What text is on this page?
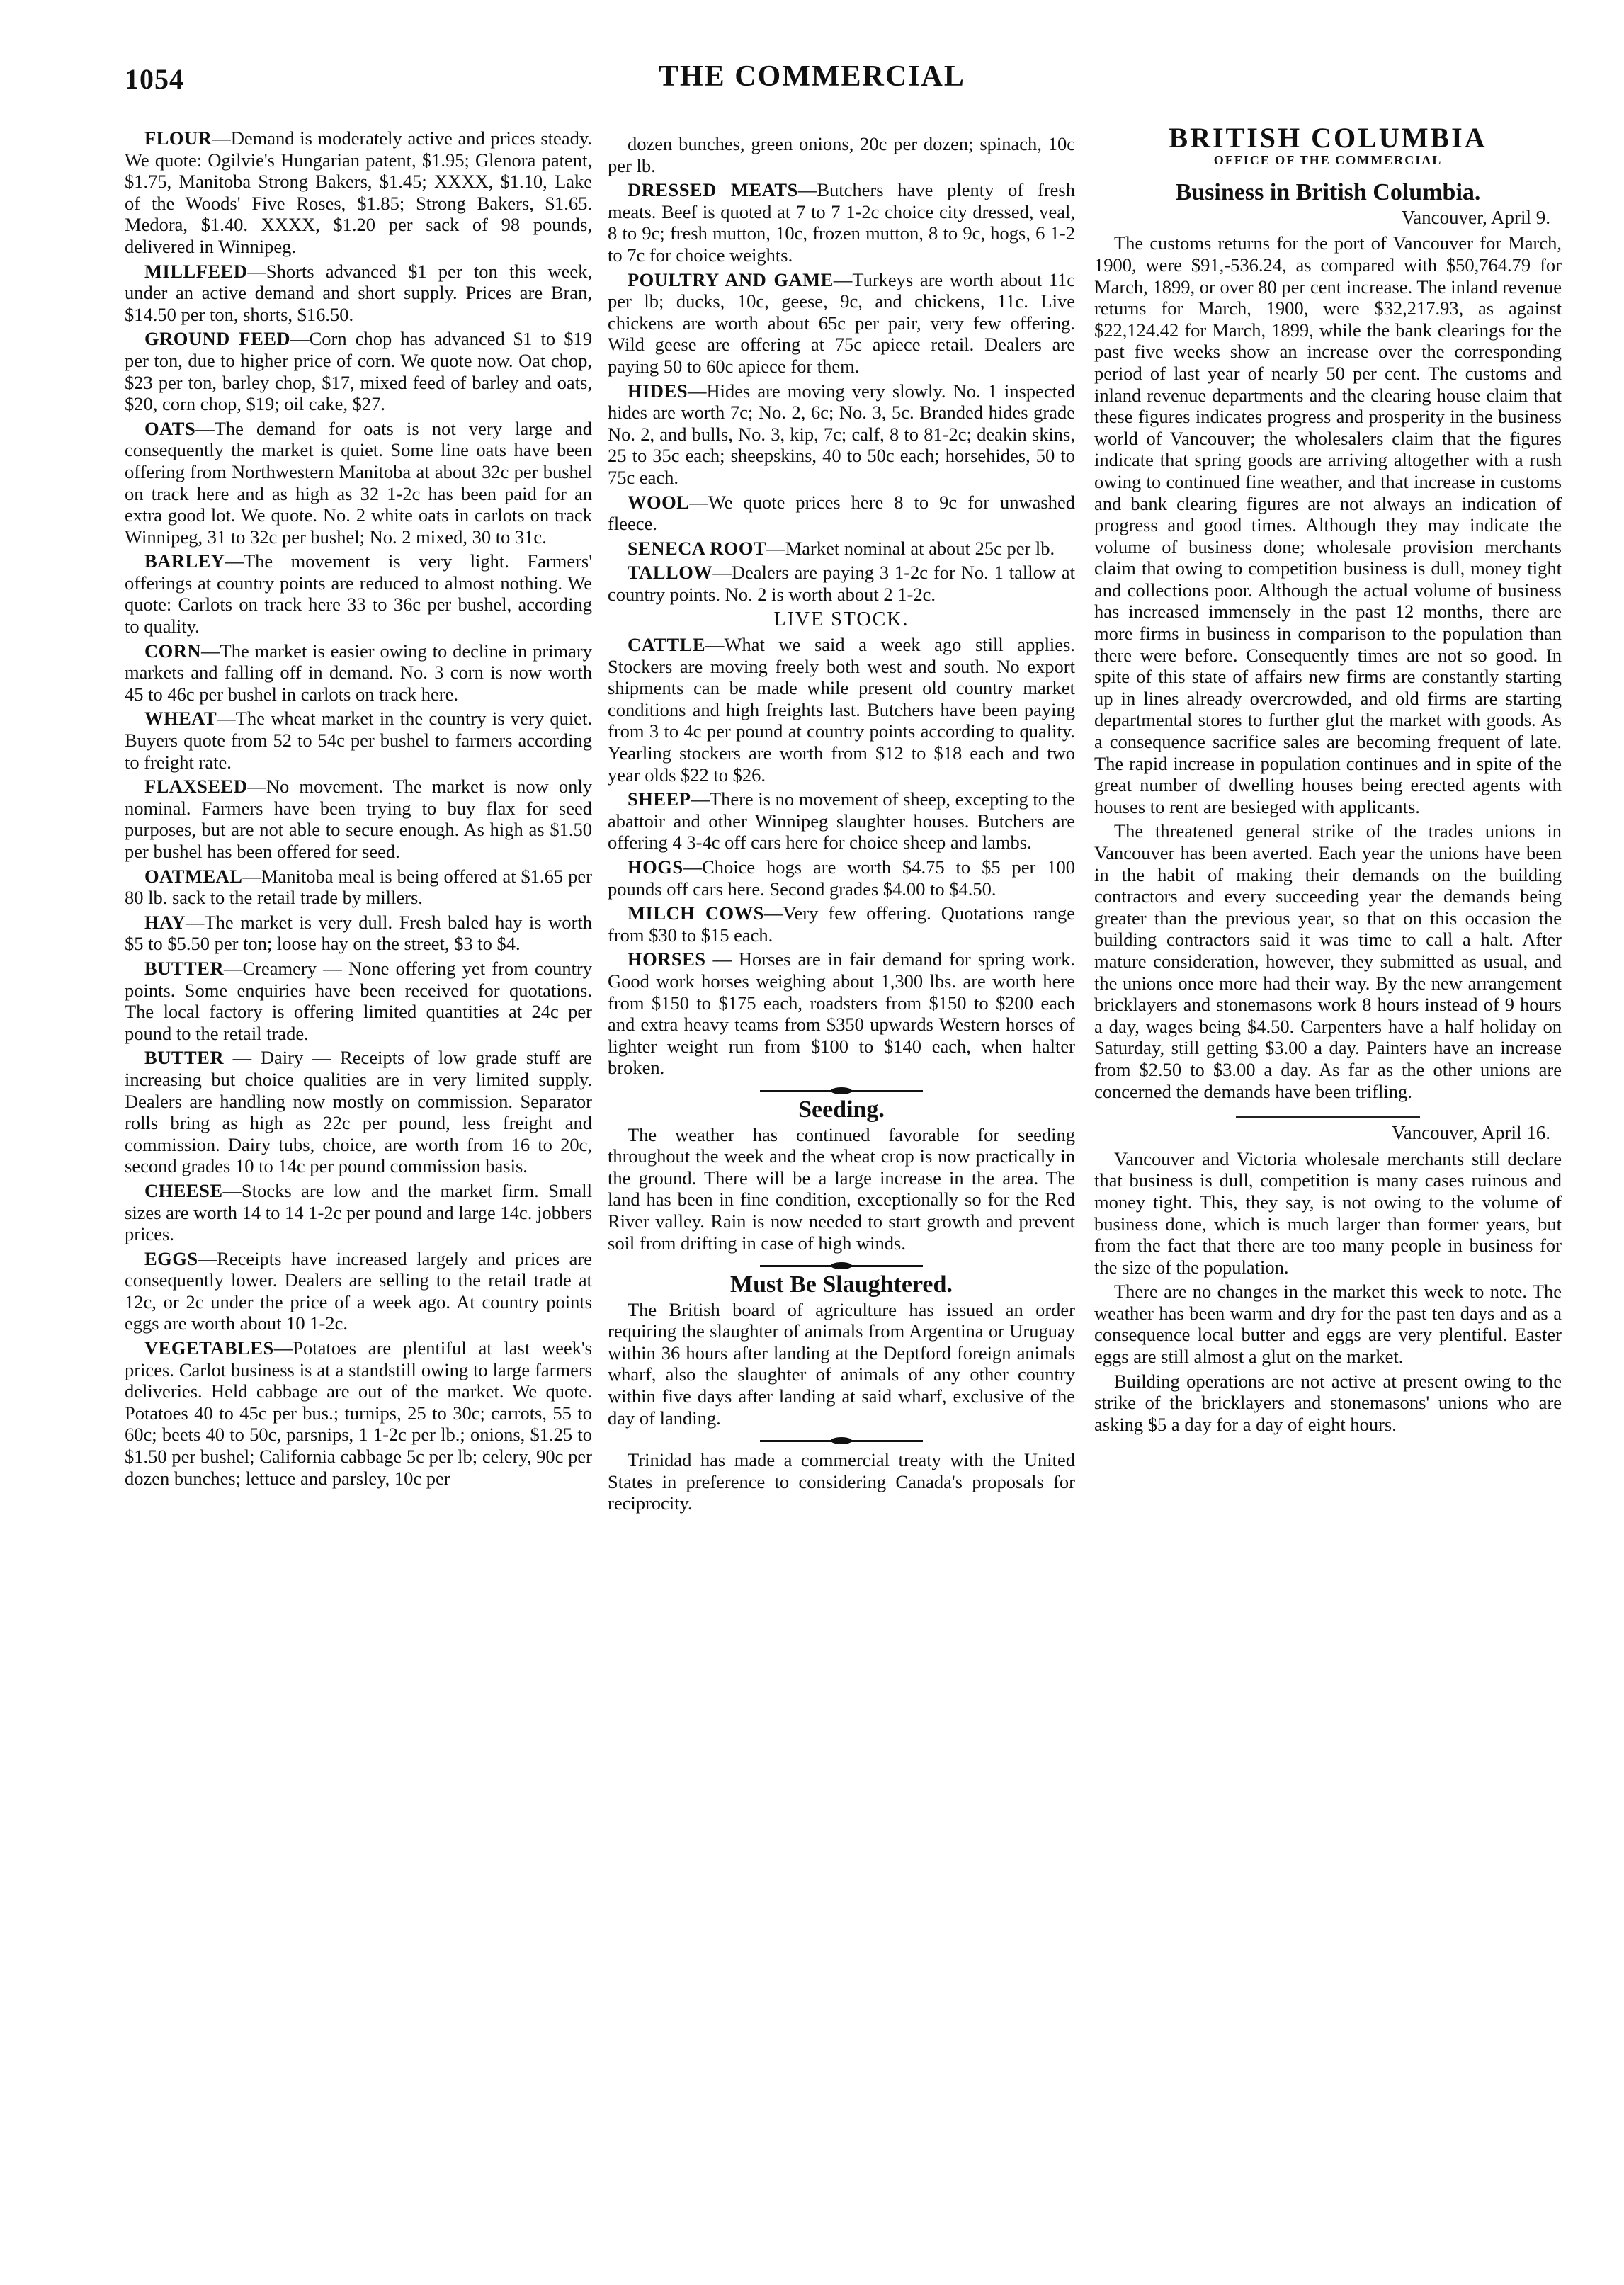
1054	THE COMMERCIAL

FLOUR—Demand is moderately active and prices steady. We quote: Ogilvie's Hungarian patent, $1.95; Glenora patent, $1.75, Manitoba Strong Bakers, $1.45; XXXX, $1.10, Lake of the Woods' Five Roses, $1.85; Strong Bakers, $1.65. Medora, $1.40. XXXX, $1.20 per sack of 98 pounds, delivered in Winnipeg.

MILLFEED—Shorts advanced $1 per ton this week, under an active demand and short supply. Prices are Bran, $14.50 per ton, shorts, $16.50.

GROUND FEED—Corn chop has advanced $1 to $19 per ton, due to higher price of corn. We quote now. Oat chop, $23 per ton, barley chop, $17, mixed feed of barley and oats, $20, corn chop, $19; oil cake, $27.

OATS—The demand for oats is not very large and consequently the market is quiet. Some line oats have been offering from Northwestern Manitoba at about 32c per bushel on track here and as high as 32 1-2c has been paid for an extra good lot. We quote. No. 2 white oats in carlots on track Winnipeg, 31 to 32c per bushel; No. 2 mixed, 30 to 31c.

BARLEY—The movement is very light. Farmers' offerings at country points are reduced to almost nothing. We quote: Carlots on track here 33 to 36c per bushel, according to quality.

CORN—The market is easier owing to decline in primary markets and falling off in demand. No. 3 corn is now worth 45 to 46c per bushel in carlots on track here.

WHEAT—The wheat market in the country is very quiet. Buyers quote from 52 to 54c per bushel to farmers according to freight rate.

FLAXSEED—No movement. The market is now only nominal. Farmers have been trying to buy flax for seed purposes, but are not able to secure enough. As high as $1.50 per bushel has been offered for seed.

OATMEAL—Manitoba meal is being offered at $1.65 per 80 lb. sack to the retail trade by millers.

HAY—The market is very dull. Fresh baled hay is worth $5 to $5.50 per ton; loose hay on the street, $3 to $4.

BUTTER—Creamery — None offering yet from country points. Some enquiries have been received for quotations. The local factory is offering limited quantities at 24c per pound to the retail trade.

BUTTER — Dairy — Receipts of low grade stuff are increasing but choice qualities are in very limited supply. Dealers are handling now mostly on commission. Separator rolls bring as high as 22c per pound, less freight and commission. Dairy tubs, choice, are worth from 16 to 20c, second grades 10 to 14c per pound commission basis.

CHEESE—Stocks are low and the market firm. Small sizes are worth 14 to 14 1-2c per pound and large 14c. jobbers prices.

EGGS—Receipts have increased largely and prices are consequently lower. Dealers are selling to the retail trade at 12c, or 2c under the price of a week ago. At country points eggs are worth about 10 1-2c.

VEGETABLES—Potatoes are plentiful at last week's prices. Carlot business is at a standstill owing to large farmers deliveries. Held cabbage are out of the market. We quote. Potatoes 40 to 45c per bus.; turnips, 25 to 30c; carrots, 55 to 60c; beets 40 to 50c, parsnips, 1 1-2c per lb.; onions, $1.25 to $1.50 per bushel; California cabbage 5c per lb; celery, 90c per dozen bunches; lettuce and parsley, 10c per

dozen bunches, green onions, 20c per dozen; spinach, 10c per lb.

DRESSED MEATS—Butchers have plenty of fresh meats. Beef is quoted at 7 to 7 1-2c choice city dressed, veal, 8 to 9c; fresh mutton, 10c, frozen mutton, 8 to 9c, hogs, 6 1-2 to 7c for choice weights.

POULTRY AND GAME—Turkeys are worth about 11c per lb; ducks, 10c, geese, 9c, and chickens, 11c. Live chickens are worth about 65c per pair, very few offering. Wild geese are offering at 75c apiece retail. Dealers are paying 50 to 60c apiece for them.

HIDES—Hides are moving very slowly. No. 1 inspected hides are worth 7c; No. 2, 6c; No. 3, 5c. Branded hides grade No. 2, and bulls, No. 3, kip, 7c; calf, 8 to 81-2c; deakin skins, 25 to 35c each; sheepskins, 40 to 50c each; horsehides, 50 to 75c each.

WOOL—We quote prices here 8 to 9c for unwashed fleece.

SENECA ROOT—Market nominal at about 25c per lb.

TALLOW—Dealers are paying 3 1-2c for No. 1 tallow at country points. No. 2 is worth about 2 1-2c.

LIVE STOCK.

CATTLE—What we said a week ago still applies. Stockers are moving freely both west and south. No export shipments can be made while present old country market conditions and high freights last. Butchers have been paying from 3 to 4c per pound at country points according to quality. Yearling stockers are worth from $12 to $18 each and two year olds $22 to $26.

SHEEP—There is no movement of sheep, excepting to the abattoir and other Winnipeg slaughter houses. Butchers are offering 4 3-4c off cars here for choice sheep and lambs.

HOGS—Choice hogs are worth $4.75 to $5 per 100 pounds off cars here. Second grades $4.00 to $4.50.

MILCH COWS—Very few offering. Quotations range from $30 to $15 each.

HORSES — Horses are in fair demand for spring work. Good work horses weighing about 1,300 lbs. are worth here from $150 to $175 each, roadsters from $150 to $200 each and extra heavy teams from $350 upwards Western horses of lighter weight run from $100 to $140 each, when halter broken.

Seeding.

The weather has continued favorable for seeding throughout the week and the wheat crop is now practically in the ground. There will be a large increase in the area. The land has been in fine condition, exceptionally so for the Red River valley. Rain is now needed to start growth and prevent soil from drifting in case of high winds.

Must Be Slaughtered.

The British board of agriculture has issued an order requiring the slaughter of animals from Argentina or Uruguay within 36 hours after landing at the Deptford foreign animals wharf, also the slaughter of animals of any other country within five days after landing at said wharf, exclusive of the day of landing.

Trinidad has made a commercial treaty with the United States in preference to considering Canada's proposals for reciprocity.

BRITISH COLUMBIA
OFFICE OF THE COMMERCIAL
Business in British Columbia.
Vancouver, April 9.

The customs returns for the port of Vancouver for March, 1900, were $91,-536.24, as compared with $50,764.79 for March, 1899, or over 80 per cent increase. The inland revenue returns for March, 1900, were $32,217.93, as against $22,124.42 for March, 1899, while the bank clearings for the past five weeks show an increase over the corresponding period of last year of nearly 50 per cent. The customs and inland revenue departments and the clearing house claim that these figures indicates progress and prosperity in the business world of Vancouver; the wholesalers claim that the figures indicate that spring goods are arriving altogether with a rush owing to continued fine weather, and that increase in customs and bank clearing figures are not always an indication of progress and good times. Although they may indicate the volume of business done; wholesale provision merchants claim that owing to competition business is dull, money tight and collections poor. Although the actual volume of business has increased immensely in the past 12 months, there are more firms in business in comparison to the population than there were before. Consequently times are not so good. In spite of this state of affairs new firms are constantly starting up in lines already overcrowded, and old firms are starting departmental stores to further glut the market with goods. As a consequence sacrifice sales are becoming frequent of late. The rapid increase in population continues and in spite of the great number of dwelling houses being erected agents with houses to rent are besieged with applicants.

The threatened general strike of the trades unions in Vancouver has been averted. Each year the unions have been in the habit of making their demands on the building contractors and every succeeding year the demands being greater than the previous year, so that on this occasion the building contractors said it was time to call a halt. After mature consideration, however, they submitted as usual, and the unions once more had their way. By the new arrangement bricklayers and stonemasons work 8 hours instead of 9 hours a day, wages being $4.50. Carpenters have a half holiday on Saturday, still getting $3.00 a day. Painters have an increase from $2.50 to $3.00 a day. As far as the other unions are concerned the demands have been trifling.

Vancouver, April 16.

Vancouver and Victoria wholesale merchants still declare that business is dull, competition is many cases ruinous and money tight. This, they say, is not owing to the volume of business done, which is much larger than former years, but from the fact that there are too many people in business for the size of the population.

There are no changes in the market this week to note. The weather has been warm and dry for the past ten days and as a consequence local butter and eggs are very plentiful. Easter eggs are still almost a glut on the market.

Building operations are not active at present owing to the strike of the bricklayers and stonemasons' unions who are asking $5 a day for a day of eight hours.
